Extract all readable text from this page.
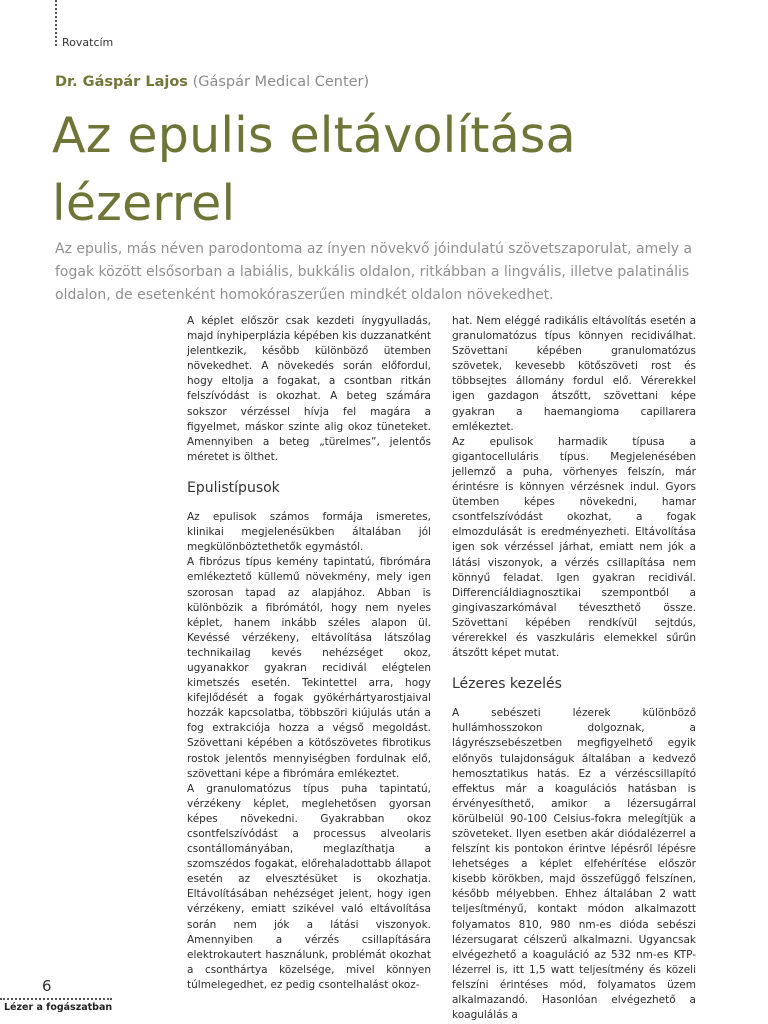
Rovatcím
Dr. Gáspár Lajos (Gáspár Medical Center)
Az epulis eltávolítása lézerrel

Az epulis, más néven parodontoma az ínyen növekvő jóindulatú szövetszaporulat, amely a fogak között elsősorban a labiális, bukkális oldalon, ritkábban a lingvális, illetve palatinális oldalon, de esetenként homokóraszerűen mindkét oldalon növekedhet.

A képlet először csak kezdeti ínygyulladás, majd ínyhiperplázia képében kis duzzanatként jelentkezik, később különböző ütemben növekedhet. A növekedés során előfordul, hogy eltolja a fogakat, a csontban ritkán felszívódást is okozhat. A beteg számára sokszor vérzéssel hívja fel magára a figyelmet, máskor szinte alig okoz tüneteket. Amennyiben a beteg „türelmes”, jelentős méretet is ölthet.

Epulistípusok

Az epulisok számos formája ismeretes, klinikai megjelenésükben általában jól megkülönböztethetők egymástól.

A fibrózus típus kemény tapintatú, fibrómára emlékeztető küllemű növekmény, mely igen szorosan tapad az alapjához. Abban is különbözik a fibrómától, hogy nem nyeles képlet, hanem inkább széles alapon ül. Kevéssé vérzékeny, eltávolítása látszólag technikailag kevés nehézséget okoz, ugyanakkor gyakran recidivál elégtelen kimetszés esetén. Tekintettel arra, hogy kifejlődését a fogak gyökérhártyarostjaival hozzák kapcsolatba, többszöri kiújulás után a fog extrakciója hozza a végső megoldást. Szövettani képében a kötőszövetes fibrotikus rostok jelentős mennyiségben fordulnak elő, szövettani képe a fibrómára emlékeztet.

A granulomatózus típus puha tapintatú, vérzékeny képlet, meglehetősen gyorsan képes növekedni. Gyakrabban okoz csontfelszívódást a processus alveolaris csontállományában, meglazíthatja a szomszédos fogakat, előrehaladottabb állapot esetén az elvesztésüket is okozhatja. Eltávolításában nehézséget jelent, hogy igen vérzékeny, emiatt szikével való eltávolítása során nem jók a látási viszonyok. Amennyiben a vérzés csillapítására elektrokautert használunk, problémát okozhat a csonthártya közelsége, mivel könnyen túlmelegedhet, ez pedig csontelhalást okoz-

hat. Nem eléggé radikális eltávolítás esetén a granulomatózus típus könnyen recidiválhat. Szövettani képében granulomatózus szövetek, kevesebb kötőszöveti rost és többsejtes állomány fordul elő. Vérerekkel igen gazdagon átszőtt, szövettani képe gyakran a haemangioma capillarera emlékeztet.

Az epulisok harmadik típusa a gigantocelluláris típus. Megjelenésében jellemző a puha, vörhenyes felszín, már érintésre is könnyen vérzésnek indul. Gyors ütemben képes növekedni, hamar csontfelszívódást okozhat, a fogak elmozdulását is eredményezheti. Eltávolítása igen sok vérzéssel járhat, emiatt nem jók a látási viszonyok, a vérzés csillapítása nem könnyű feladat. Igen gyakran recidivál. Differenciáldiagnosztikai szempontból a gingivaszarkómával téveszthető össze. Szövettani képében rendkívül sejtdús, vérerekkel és vaszkuláris elemekkel sűrűn átszőtt képet mutat.

Lézeres kezelés

A sebészeti lézerek különböző hullámhosszokon dolgoznak, a lágyrészsebészetben megfigyelhető egyik előnyös tulajdonságuk általában a kedvező hemosztatikus hatás. Ez a vérzéscsillapító effektus már a koagulációs hatásban is érvényesíthető, amikor a lézersugárral körülbelül 90-100 Celsius-fokra melegítjük a szöveteket. Ilyen esetben akár diódalézerrel a felszínt kis pontokon érintve lépésről lépésre lehetséges a képlet elfehérítése először kisebb körökben, majd összefüggő felszínen, később mélyebben. Ehhez általában 2 watt teljesítményű, kontakt módon alkalmazott folyamatos 810, 980 nm-es dióda sebészi lézersugarat célszerű alkalmazni. Ugyancsak elvégezhető a koaguláció az 532 nm-es KTP-lézerrel is, itt 1,5 watt teljesítmény és közeli felszíni érintéses mód, folyamatos üzem alkalmazandó. Hasonlóan elvégezhető a koagulálás a

6
Lézer a fogászatban
